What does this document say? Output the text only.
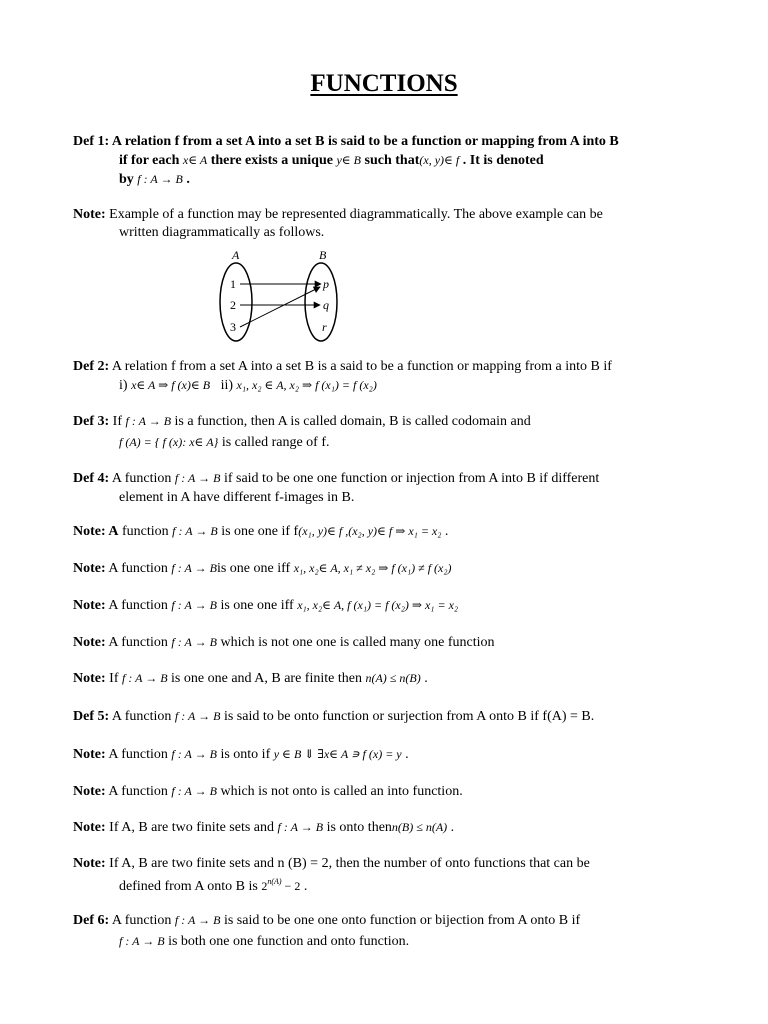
FUNCTIONS
Def 1: A relation f from a set A into a set B is said to be a function or mapping from A into B
if for each x∈ A there exists a unique y∈ B such that(x, y)∈ f . It is denoted
by f : A → B .
Note: Example of a function may be represented diagrammatically. The above example can be
written diagrammatically as follows.
A	B
1
2
3
p
q
r
Def 2: A relation f from a set A into a set B is a said to be a function or mapping from a into B if
i) x∈ A ⇒ f (x)∈ B   ii) x₁, x₂ ∈ A, x₂ ⇒ f (x₁) = f (x₂)
Def 3: If f : A → B is a function, then A is called domain, B is called codomain and
f (A) = { f (x): x∈ A} is called range of f.
Def 4: A function f : A → B if said to be one one function or injection from A into B if different
element in A have different f-images in B.
Note: A function f : A → B is one one if f(x₁, y)∈ f ,(x₂, y)∈ f ⇒ x₁ = x₂ .
Note: A function f : A → Bis one one iff x₁, x₂∈ A, x₁ ≠ x₂ ⇒ f (x₁) ≠ f (x₂)
Note: A function f : A → B is one one iff x₁, x₂∈ A, f (x₁) = f (x₂) ⇒ x₁ = x₂
Note: A function f : A → B which is not one one is called many one function
Note: If f : A → B is one one and A, B are finite then n(A) ≤ n(B) .
Def 5: A function f : A → B is said to be onto function or surjection from A onto B if f(A) = B.
Note: A function f : A → B is onto if y ∈ B ⇓ ∃x∈ A ∍ f (x) = y .
Note: A function f : A → B which is not onto is called an into function.
Note: If A, B are two finite sets and f : A → B is onto thenn(B) ≤ n(A) .
Note: If A, B are two finite sets and n (B) = 2, then the number of onto functions that can be
defined from A onto B is $2^{n(A)} - 2$ .
Def 6: A function f : A → B is said to be one one onto function or bijection from A onto B if
f : A → B is both one one function and onto function.
